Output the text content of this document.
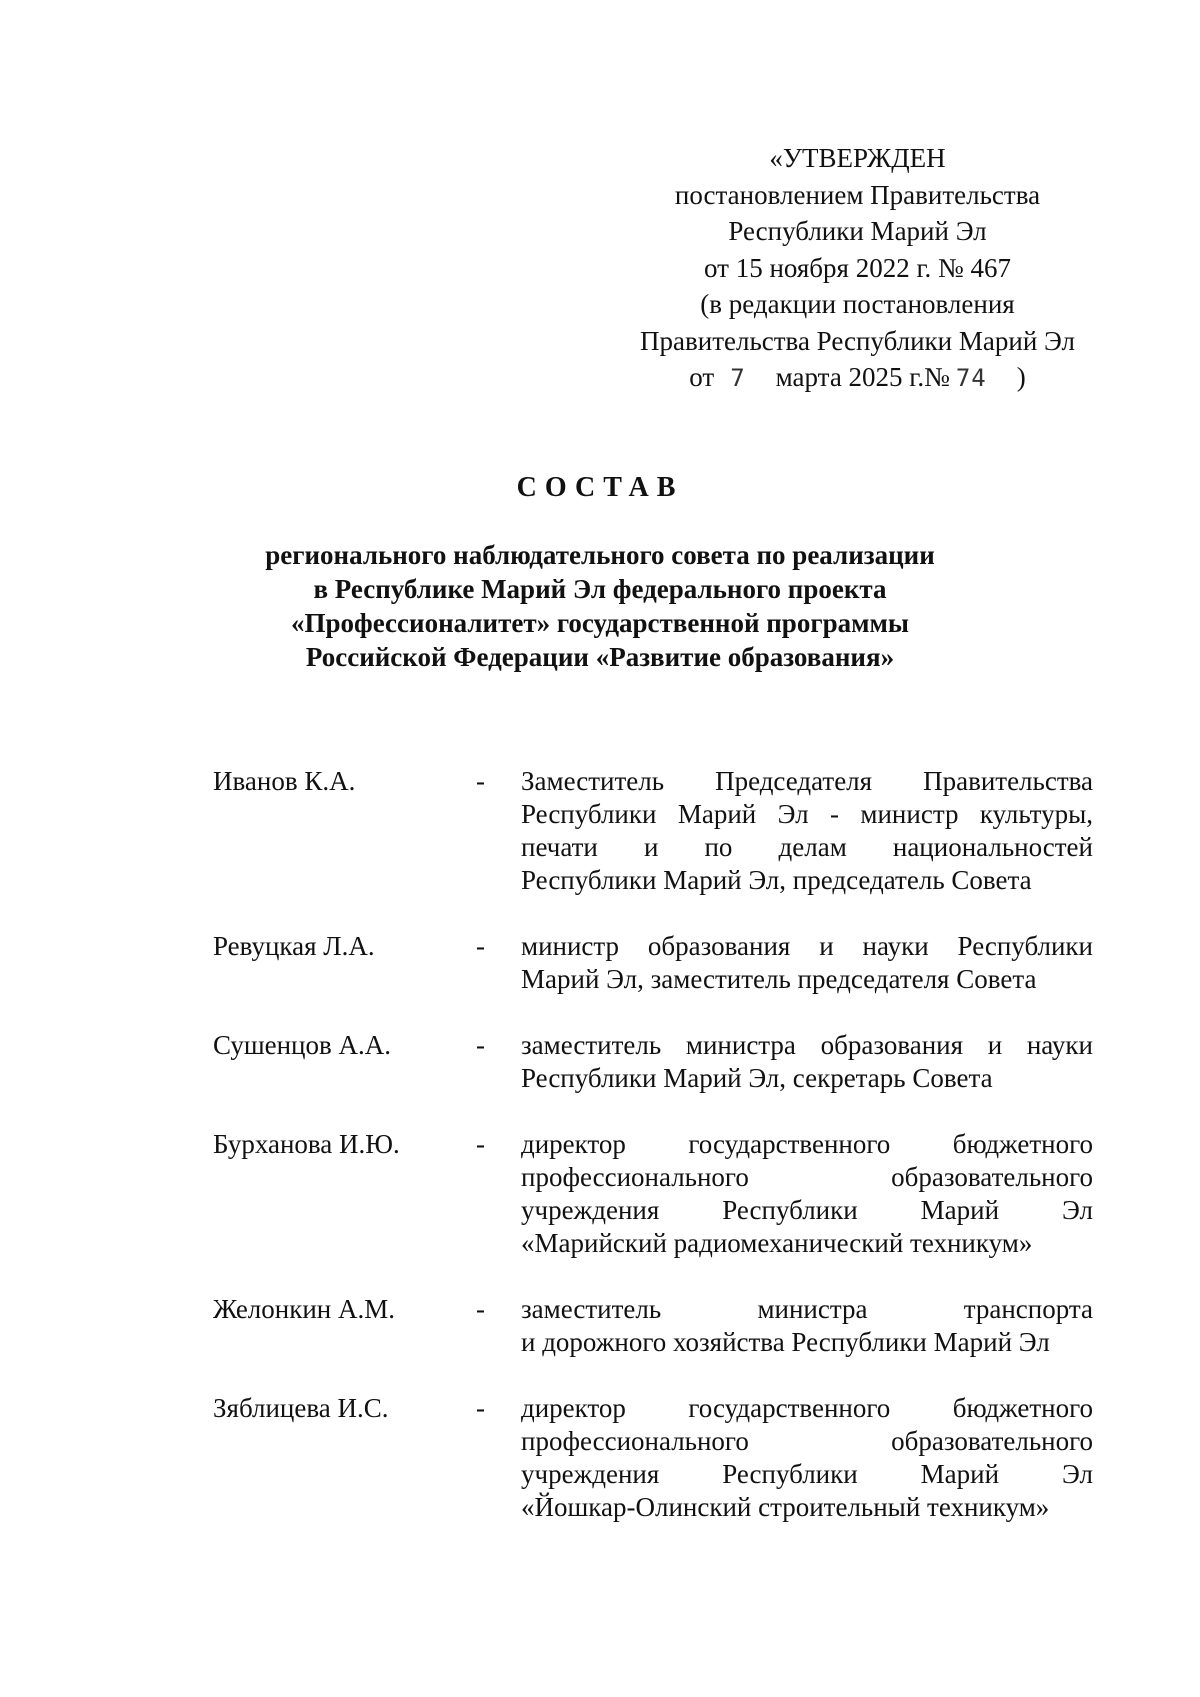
«УТВЕРЖДЕН
постановлением Правительства
Республики Марий Эл
от 15 ноября 2022 г. № 467
(в редакции постановления
Правительства Республики Марий Эл
от 7 марта 2025 г.№ 74 )
СОСТАВ
регионального наблюдательного совета по реализации
в Республике Марий Эл федерального проекта
«Профессионалитет» государственной программы
Российской Федерации «Развитие образования»
Иванов К.А.	- Заместитель Председателя Правительства
Республики Марий Эл - министр культуры,
печати и по делам национальностей
Республики Марий Эл, председатель Совета
Ревуцкая Л.А.	- министр образования и науки Республики
Марий Эл, заместитель председателя Совета
Сушенцов А.А.	- заместитель министра образования и науки
Республики Марий Эл, секретарь Совета
Бурханова И.Ю.	- директор государственного бюджетного
профессионального образовательного
учреждения Республики Марий Эл
«Марийский радиомеханический техникум»
Желонкин А.М.	- заместитель министра транспорта
и дорожного хозяйства Республики Марий Эл
Зяблицева И.С.	- директор государственного бюджетного
профессионального образовательного
учреждения Республики Марий Эл
«Йошкар-Олинский строительный техникум»
